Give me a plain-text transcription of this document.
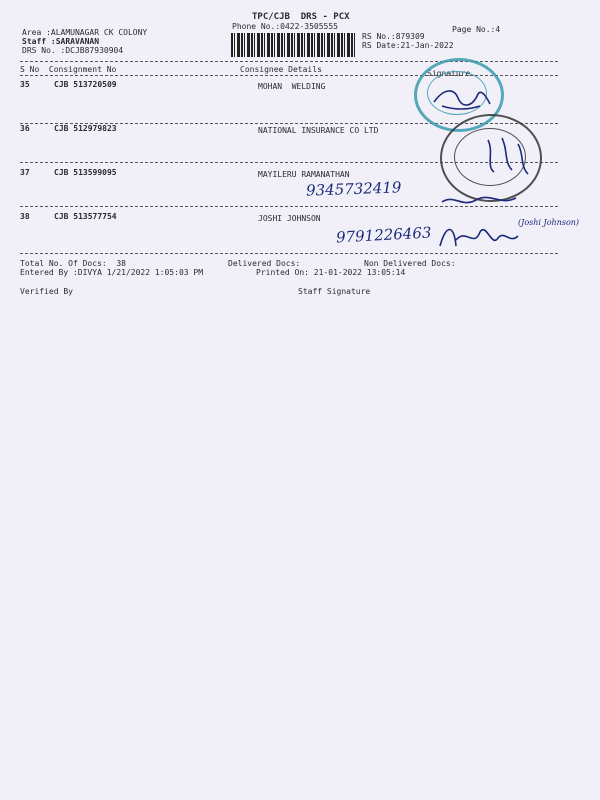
TPC/CJB  DRS - PCX
Phone No.:0422-3505555
Area :ALAMUNAGAR CK COLONY
Staff :SARAVANAN
DRS No. :DCJB87930904
Page No.:4
RS No.:879309
RS Date:21-Jan-2022
S No  Consignment No	Consignee Details	Signature
35	CJB 513720509	MOHAN  WELDING
36	CJB 512979823	NATIONAL INSURANCE CO LTD
37	CJB 513599095	MAYILERU RAMANATHAN
38	CJB 513577754	JOSHI JOHNSON
9345732419
9791226463
(Joshi Johnson)
Total No. Of Docs:  38	Delivered Docs:	Non Delivered Docs:
Entered By :DIVYA 1/21/2022 1:05:03 PM	Printed On: 21-01-2022 13:05:14
Verified By	Staff Signature
